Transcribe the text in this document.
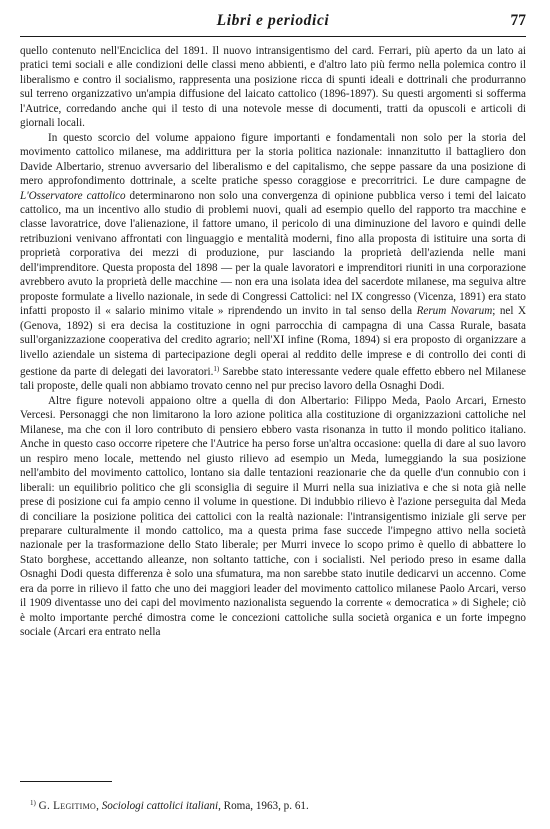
Libri e periodici	77

quello contenuto nell'Enciclica del 1891. Il nuovo intransigentismo del card. Ferrari, più aperto da un lato ai pratici temi sociali e alle condizioni delle classi meno abbienti, e d'altro lato più fermo nella polemica contro il liberalismo e contro il socialismo, rappresenta una posizione ricca di spunti ideali e dottrinali che produrranno sul terreno organizzativo un'ampia diffusione del laicato cattolico (1896-1897). Su questi argomenti si sofferma l'Autrice, corredando anche qui il testo di una notevole messe di documenti, tratti da opuscoli e articoli di giornali locali.

In questo scorcio del volume appaiono figure importanti e fondamentali non solo per la storia del movimento cattolico milanese, ma addirittura per la storia politica nazionale: innanzitutto il battagliero don Davide Albertario, strenuo avversario del liberalismo e del capitalismo, che seppe passare da una posizione di mero approfondimento dottrinale, a scelte pratiche spesso coraggiose e precorritrici. Le dure campagne de L'Osservatore cattolico determinarono non solo una convergenza di opinione pubblica verso i temi del laicato cattolico, ma un incentivo allo studio di problemi nuovi, quali ad esempio quello del rapporto tra macchine e classe lavoratrice, dove l'alienazione, il fattore umano, il pericolo di una diminuzione del lavoro e quindi delle retribuzioni venivano affrontati con linguaggio e mentalità moderni, fino alla proposta di istituire una sorta di proprietà corporativa dei mezzi di produzione, pur lasciando la proprietà dell'azienda nelle mani dell'imprenditore. Questa proposta del 1898 — per la quale lavoratori e imprenditori riuniti in una corporazione avrebbero avuto la proprietà delle macchine — non era una isolata idea del sacerdote milanese, ma seguiva altre proposte formulate a livello nazionale, in sede di Congressi Cattolici: nel IX congresso (Vicenza, 1891) era stato infatti proposto il « salario minimo vitale » riprendendo un invito in tal senso della Rerum Novarum; nel X (Genova, 1892) si era decisa la costituzione in ogni parrocchia di campagna di una Cassa Rurale, basata sull'organizzazione cooperativa del credito agrario; nell'XI infine (Roma, 1894) si era proposto di organizzare a livello aziendale un sistema di partecipazione degli operai al reddito delle imprese e di controllo dei conti di gestione da parte di delegati dei lavoratori.$^{1)}$ Sarebbe stato interessante vedere quale effetto ebbero nel Milanese tali proposte, delle quali non abbiamo trovato cenno nel pur preciso lavoro della Osnaghi Dodi.

Altre figure notevoli appaiono oltre a quella di don Albertario: Filippo Meda, Paolo Arcari, Ernesto Vercesi. Personaggi che non limitarono la loro azione politica alla costituzione di organizzazioni cattoliche nel Milanese, ma che con il loro contributo di pensiero ebbero vasta risonanza in tutto il mondo politico italiano. Anche in questo caso occorre ripetere che l'Autrice ha perso forse un'altra occasione: quella di dare al suo lavoro un respiro meno locale, mettendo nel giusto rilievo ad esempio un Meda, lumeggiando la sua posizione nell'ambito del movimento cattolico, lontano sia dalle tentazioni reazionarie che da quelle d'un connubio con i liberali: un equilibrio politico che gli sconsiglia di seguire il Murri nella sua iniziativa e che si nota già nelle prese di posizione cui fa ampio cenno il volume in questione. Di indubbio rilievo è l'azione perseguita dal Meda di conciliare la posizione politica dei cattolici con la realtà nazionale: l'intransigentismo iniziale gli serve per preparare culturalmente il mondo cattolico, ma a questa prima fase succede l'impegno attivo nella società nazionale per la trasformazione dello Stato liberale; per Murri invece lo scopo primo è quello di abbattere lo Stato borghese, accettando alleanze, non soltanto tattiche, con i socialisti. Nel periodo preso in esame dalla Osnaghi Dodi questa differenza è solo una sfumatura, ma non sarebbe stato inutile dedicarvi un accenno. Come era da porre in rilievo il fatto che uno dei maggiori leader del movimento cattolico milanese Paolo Arcari, verso il 1909 diventasse uno dei capi del movimento nazionalista seguendo la corrente « democratica » di Sighele; ciò è molto importante perché dimostra come le concezioni cattoliche sulla società organica e un forte impegno sociale (Arcari era entrato nella

$^{1)}$ G. Legitimo, Sociologi cattolici italiani, Roma, 1963, p. 61.
